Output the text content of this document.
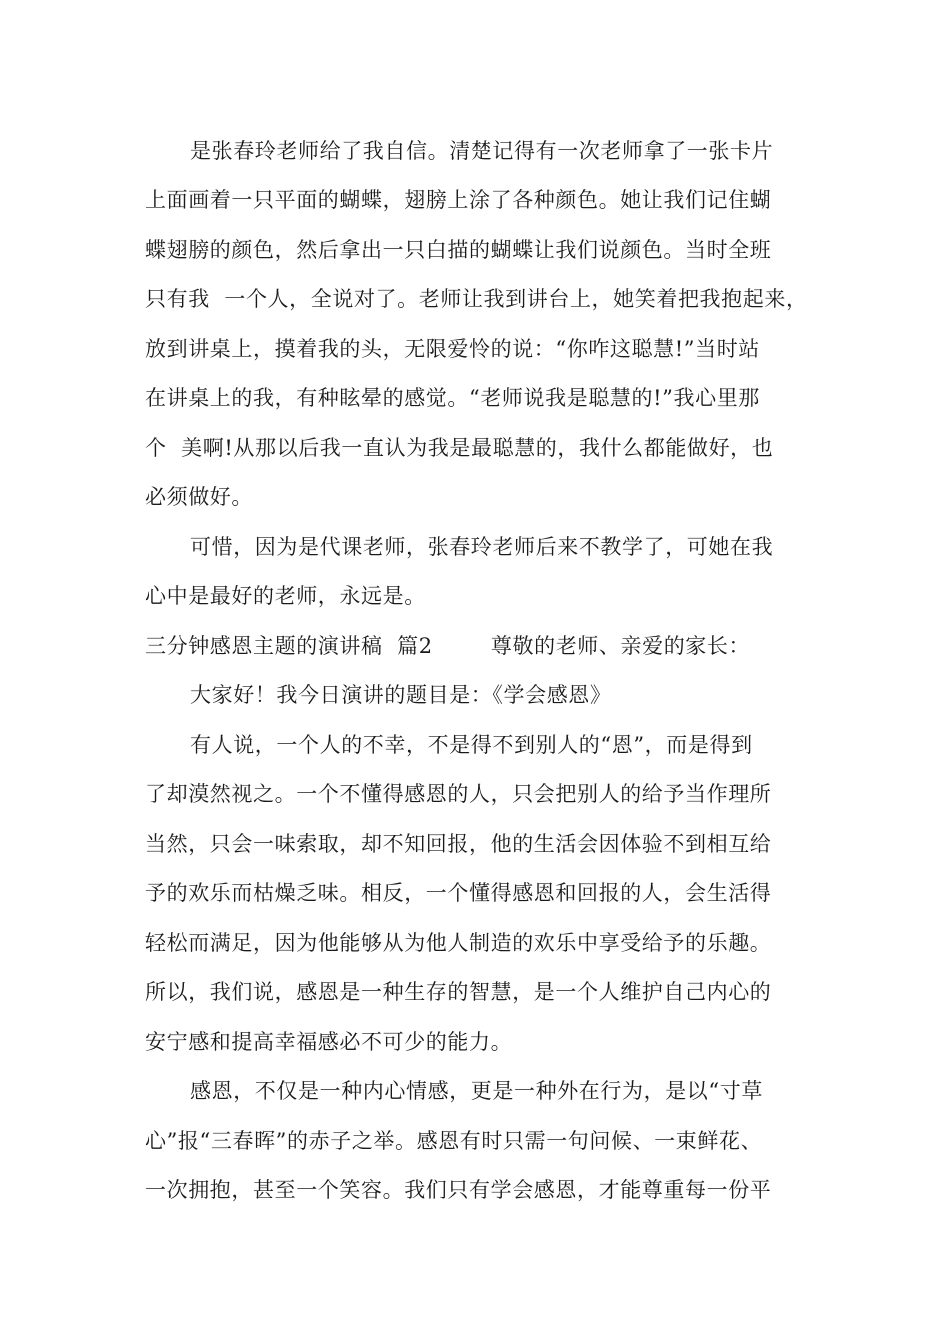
是张春玲老师给了我自信。清楚记得有一次老师拿了一张卡片
上面画着一只平面的蝴蝶，翅膀上涂了各种颜色。她让我们记住蝴
蝶翅膀的颜色，然后拿出一只白描的蝴蝶让我们说颜色。当时全班
只有我  一个人，全说对了。老师让我到讲台上，她笑着把我抱起来，
放到讲桌上，摸着我的头，无限爱怜的说：“你咋这聪慧!”当时站
在讲桌上的我，有种眩晕的感觉。“老师说我是聪慧的!”我心里那
个  美啊!从那以后我一直认为我是最聪慧的，我什么都能做好，也
必须做好。
可惜，因为是代课老师，张春玲老师后来不教学了，可她在我
心中是最好的老师，永远是。
三分钟感恩主题的演讲稿  篇2        尊敬的老师、亲爱的家长：
大家好！我今日演讲的题目是：《学会感恩》
有人说，一个人的不幸，不是得不到别人的“恩”，而是得到
了却漠然视之。一个不懂得感恩的人，只会把别人的给予当作理所
当然，只会一味索取，却不知回报，他的生活会因体验不到相互给
予的欢乐而枯燥乏味。相反，一个懂得感恩和回报的人，会生活得
轻松而满足，因为他能够从为他人制造的欢乐中享受给予的乐趣。
所以，我们说，感恩是一种生存的智慧，是一个人维护自己内心的
安宁感和提高幸福感必不可少的能力。
感恩，不仅是一种内心情感，更是一种外在行为，是以“寸草
心”报“三春晖”的赤子之举。感恩有时只需一句问候、一束鲜花、
一次拥抱，甚至一个笑容。我们只有学会感恩，才能尊重每一份平
